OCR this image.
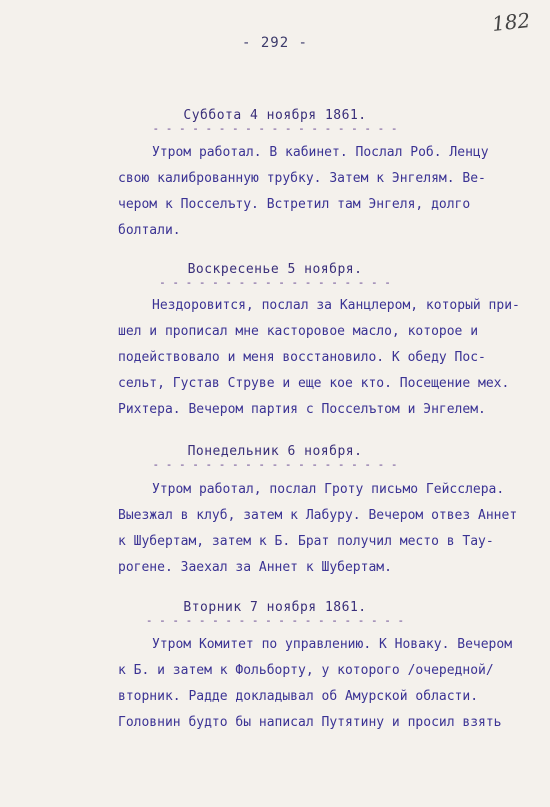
- 292 -
182
Суббота 4 ноября 1861.
- - - - - - - - - - - - - - - - - - -
Утром работал. В кабинет. Послал Роб. Ленцу
свою калиброванную трубку. Затем к Энгелям. Ве-
чером к Посселъту. Встретил там Энгеля, долго
болтали.
Воскресенье 5 ноября.
- - - - - - - - - - - - - - - - - -
Нездоровится, послал за Канцлером, который при-
шел и прописал мне касторовое масло, которое и
подействовало и меня восстановило. К обеду Пос-
сельт, Густав Струве и еще кое кто. Посещение мех.
Рихтера. Вечером партия с Посселътом и Энгелем.
Понедельник 6 ноября.
- - - - - - - - - - - - - - - - - - -
Утром работал, послал Гроту письмо Гейсслера.
Выезжал в клуб, затем к Лабуру. Вечером отвез Аннет
к Шубертам, затем к Б. Брат получил место в Тау-
рогене. Заехал за Аннет к Шубертам.
Вторник 7 ноября 1861.
- - - - - - - - - - - - - - - - - - - -
Утром Комитет по управлению. К Новаку. Вечером
к Б. и затем к Фольборту, у которого /очередной/
вторник. Радде докладывал об Амурской области.
Головнин будто бы написал Путятину и просил взять
